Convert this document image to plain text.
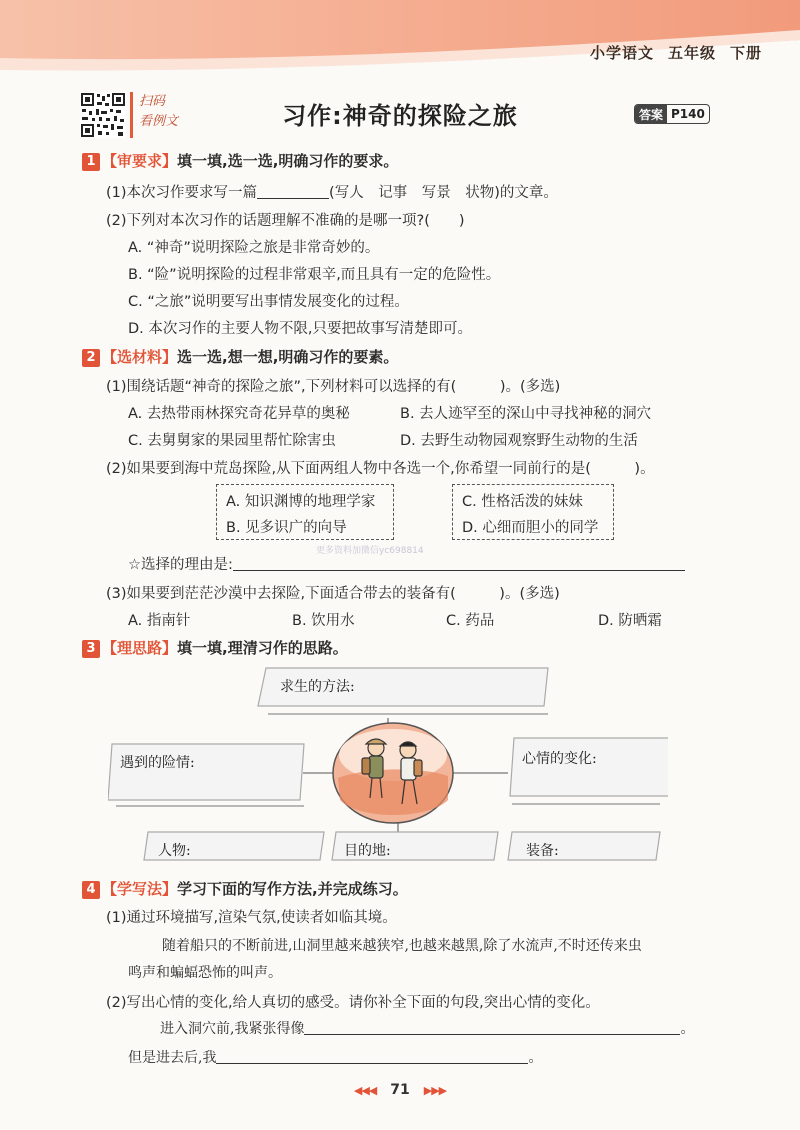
小学语文 五年级 下册
扫码
看例文	习作:神奇的探险之旅	答案 P140
1 【审要求】填一填,选一选,明确习作的要求。
(1)本次习作要求写一篇	(写人　记事　写景　状物)的文章。
(2)下列对本次习作的话题理解不准确的是哪一项?(　　)
A. “神奇”说明探险之旅是非常奇妙的。
B. “险”说明探险的过程非常艰辛,而且具有一定的危险性。
C. “之旅”说明要写出事情发展变化的过程。
D. 本次习作的主要人物不限,只要把故事写清楚即可。
2 【选材料】选一选,想一想,明确习作的要素。
(1)围绕话题“神奇的探险之旅”,下列材料可以选择的有(　　　)。(多选)
A. 去热带雨林探究奇花异草的奥秘	B. 去人迹罕至的深山中寻找神秘的洞穴
C. 去舅舅家的果园里帮忙除害虫	D. 去野生动物园观察野生动物的生活
(2)如果要到海中荒岛探险,从下面两组人物中各选一个,你希望一同前行的是(　　　)。
A. 知识渊博的地理学家
B. 见多识广的向导
C. 性格活泼的妹妹
D. 心细而胆小的同学
更多资料加微信yc698814
☆选择的理由是:
(3)如果要到茫茫沙漠中去探险,下面适合带去的装备有(　　　)。(多选)
A. 指南针	B. 饮用水	C. 药品	D. 防晒霜
3 【理思路】填一填,理清习作的思路。
求生的方法:
遇到的险情:	心情的变化:
人物:	目的地:	装备:
4 【学写法】学习下面的写作方法,并完成练习。
(1)通过环境描写,渲染气氛,使读者如临其境。
随着船只的不断前进,山洞里越来越狭窄,也越来越黑,除了水流声,不时还传来虫
鸣声和蝙蝠恐怖的叫声。
(2)写出心情的变化,给人真切的感受。请你补全下面的句段,突出心情的变化。
进入洞穴前,我紧张得像	。
但是进去后,我	。
◀◀◀ 71 ▶▶▶
